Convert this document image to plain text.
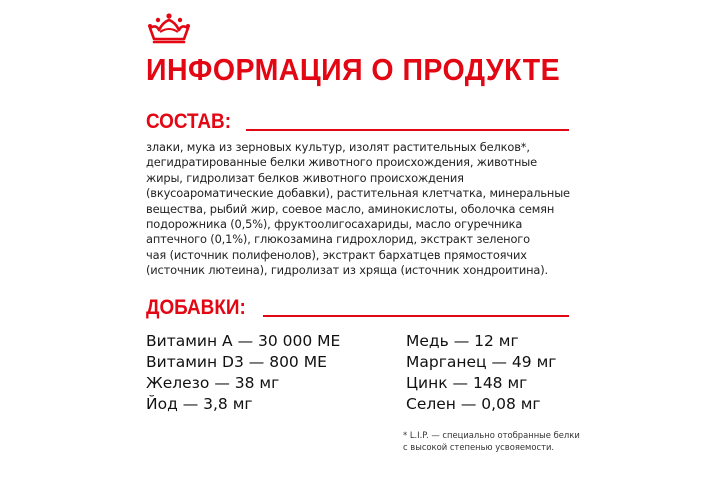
ИНФОРМАЦИЯ О ПРОДУКТЕ
СОСТАВ:
злаки, мука из зерновых культур, изолят растительных белков*,
дегидратированные белки животного происхождения, животные
жиры, гидролизат белков животного происхождения
(вкусоароматические добавки), растительная клетчатка, минеральные
вещества, рыбий жир, соевое масло, аминокислоты, оболочка семян
подорожника (0,5%), фруктоолигосахариды, масло огуречника
аптечного (0,1%), глюкозамина гидрохлорид, экстракт зеленого
чая (источник полифенолов), экстракт бархатцев прямостоячих
(источник лютеина), гидролизат из хряща (источник хондроитина).
ДОБАВКИ:
Витамин А — 30 000 МЕ
Витамин D3 — 800 МЕ
Железо — 38 мг
Йод — 3,8 мг
Медь — 12 мг
Марганец — 49 мг
Цинк — 148 мг
Селен — 0,08 мг
* L.I.P. — специально отобранные белки
с высокой степенью усвояемости.
